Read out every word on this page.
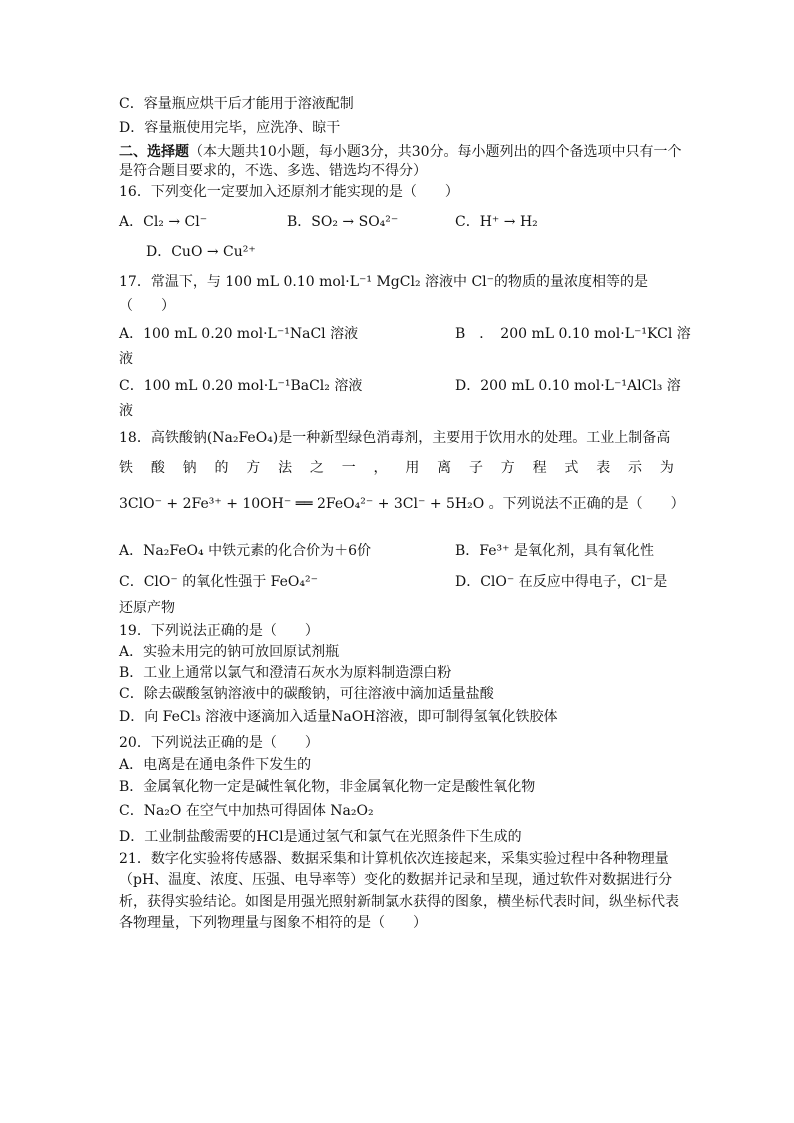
C．容量瓶应烘干后才能用于溶液配制
D．容量瓶使用完毕，应洗净、晾干
二、选择题（本大题共10小题，每小题3分，共30分。每小题列出的四个备选项中只有一个
是符合题目要求的，不选、多选、错选均不得分）
16．下列变化一定要加入还原剂才能实现的是（　　）
A．Cl₂ → Cl⁻	B．SO₂ → SO₄²⁻	C．H⁺ → H₂
D．CuO → Cu²⁺
17．常温下，与 100 mL 0.10 mol·L⁻¹ MgCl₂ 溶液中 Cl⁻的物质的量浓度相等的是
（　　）
A．100 mL 0.20 mol·L⁻¹NaCl 溶液	B　．　200 mL 0.10 mol·L⁻¹KCl 溶
液
C．100 mL 0.20 mol·L⁻¹BaCl₂ 溶液	D．200 mL 0.10 mol·L⁻¹AlCl₃ 溶
液
18．高铁酸钠(Na₂FeO₄)是一种新型绿色消毒剂，主要用于饮用水的处理。工业上制备高
铁 酸 钠 的 方 法 之 一 ， 用 离 子 方 程 式 表 示 为
3ClO⁻ + 2Fe³⁺ + 10OH⁻ ══ 2FeO₄²⁻ + 3Cl⁻ + 5H₂O 。下列说法不正确的是（　　）
A．Na₂FeO₄ 中铁元素的化合价为＋6价	B．Fe³⁺ 是氧化剂，具有氧化性
C．ClO⁻ 的氧化性强于 FeO₄²⁻	D．ClO⁻ 在反应中得电子，Cl⁻是
还原产物
19．下列说法正确的是（　　）
A．实验未用完的钠可放回原试剂瓶
B．工业上通常以氯气和澄清石灰水为原料制造漂白粉
C．除去碳酸氢钠溶液中的碳酸钠，可往溶液中滴加适量盐酸
D．向 FeCl₃ 溶液中逐滴加入适量NaOH溶液，即可制得氢氧化铁胶体
20．下列说法正确的是（　　）
A．电离是在通电条件下发生的
B．金属氧化物一定是碱性氧化物，非金属氧化物一定是酸性氧化物
C．Na₂O 在空气中加热可得固体 Na₂O₂
D．工业制盐酸需要的HCl是通过氢气和氯气在光照条件下生成的
21．数字化实验将传感器、数据采集和计算机依次连接起来，采集实验过程中各种物理量
（pH、温度、浓度、压强、电导率等）变化的数据并记录和呈现，通过软件对数据进行分
析，获得实验结论。如图是用强光照射新制氯水获得的图象，横坐标代表时间，纵坐标代表
各物理量，下列物理量与图象不相符的是（　　）
